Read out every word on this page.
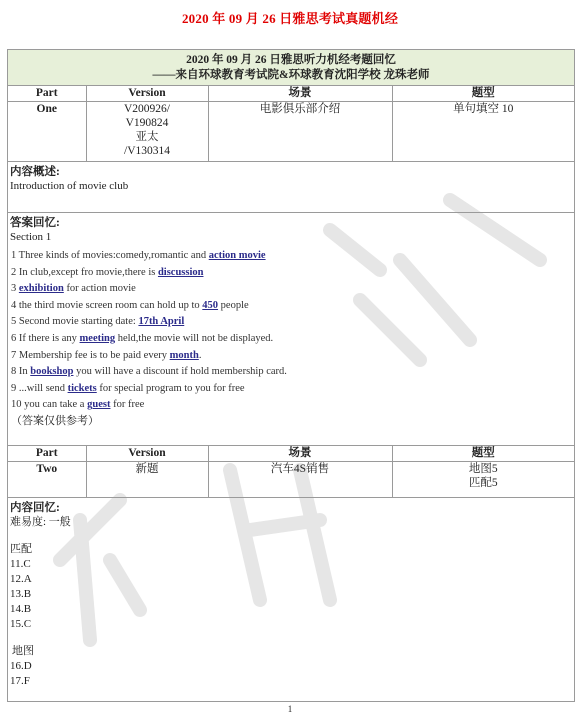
2020 年 09 月 26 日雅思考试真题机经
2020 年 09 月 26 日雅思听力机经考题回忆
——来自环球教育考试院&环球教育沈阳学校 龙珠老师
Part	Version	场景	题型
One	V200926/
V190824
亚太
/V130314	电影俱乐部介绍	单句填空 10
内容概述:
Introduction of movie club
答案回忆:
Section 1
1 Three kinds of movies:comedy,romantic and action movie
2 In club,except fro movie,there is discussion
3 exhibition for action movie
4 the third movie screen room can hold up to 450 people
5 Second movie starting date: 17th April
6 If there is any meeting held,the movie will not be displayed.
7 Membership fee is to be paid every month.
8 In bookshop you will have a discount if hold membership card.
9 ...will send tickets for special program to you for free
10 you can take a guest for free
（答案仅供参考）
Part	Version	场景	题型
Two	新题	汽车4S销售	地图5
匹配5
内容回忆:
难易度: 一般
匹配
11.C
12.A
13.B
14.B
15.C
地图
16.D
17.F
1
